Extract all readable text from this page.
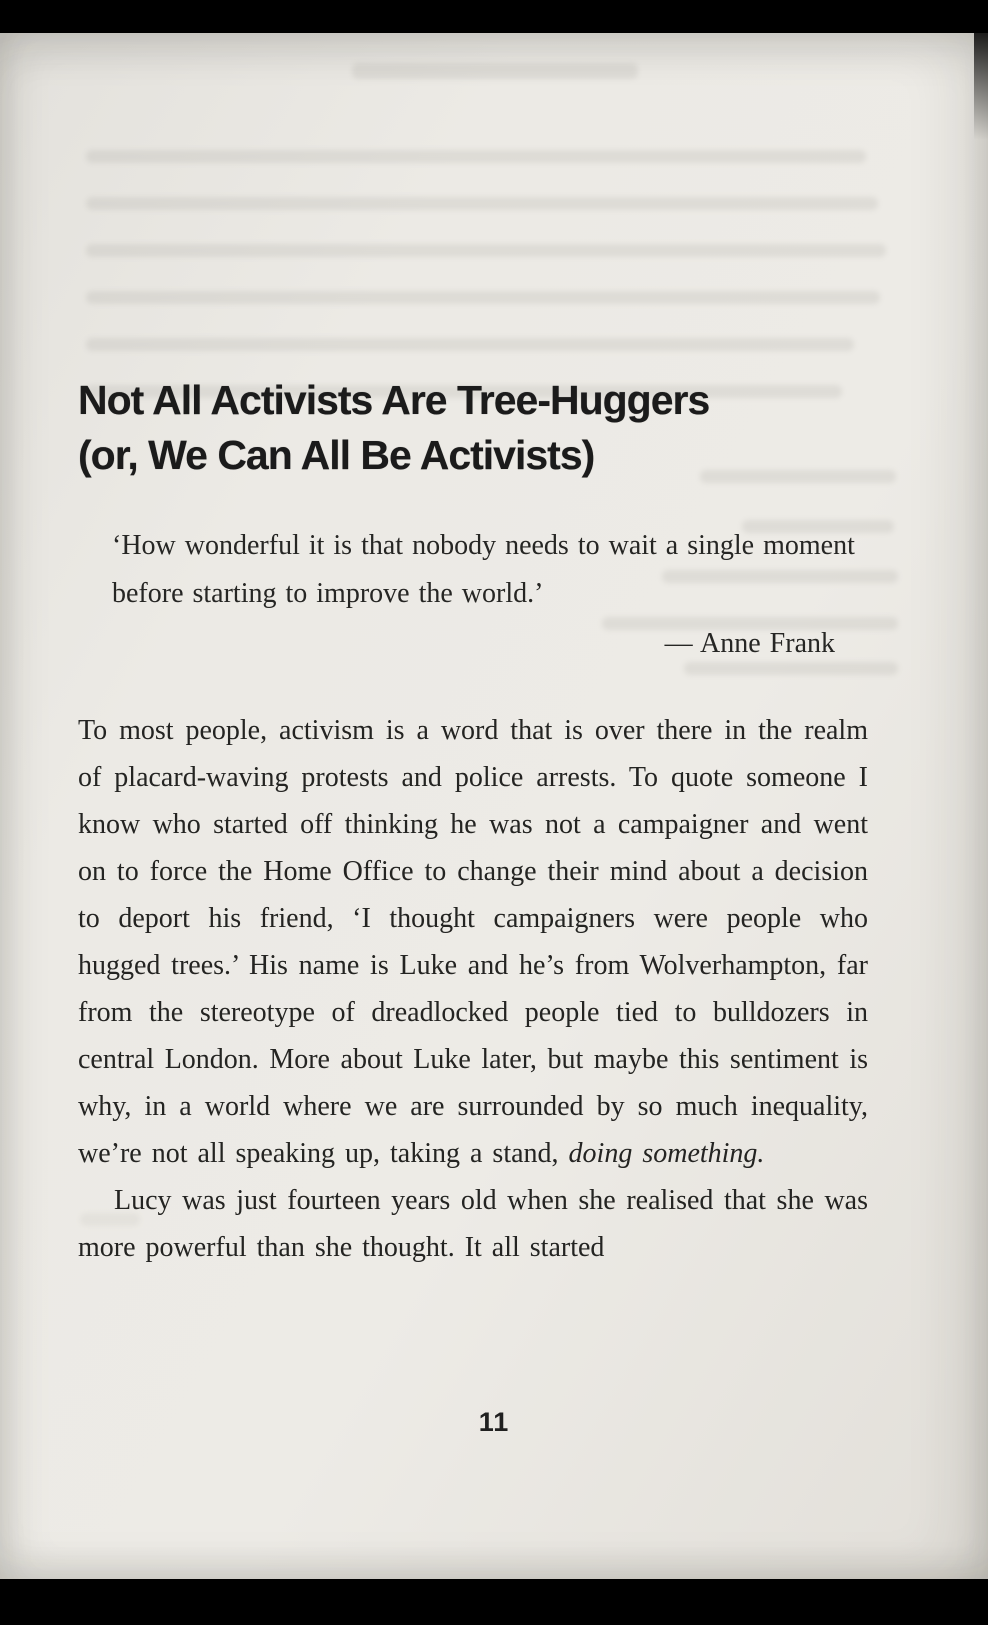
Not All Activists Are Tree-Huggers
(or, We Can All Be Activists)

‘How wonderful it is that nobody needs to wait a single moment before starting to improve the world.’

— Anne Frank

To most people, activism is a word that is over there in the realm of placard-waving protests and police arrests. To quote someone I know who started off thinking he was not a campaigner and went on to force the Home Office to change their mind about a decision to deport his friend, ‘I thought campaigners were people who hugged trees.’ His name is Luke and he’s from Wolverhampton, far from the stereotype of dreadlocked people tied to bulldozers in central London. More about Luke later, but maybe this sentiment is why, in a world where we are surrounded by so much inequality, we’re not all speaking up, taking a stand, doing something.

Lucy was just fourteen years old when she realised that she was more powerful than she thought. It all started

11
